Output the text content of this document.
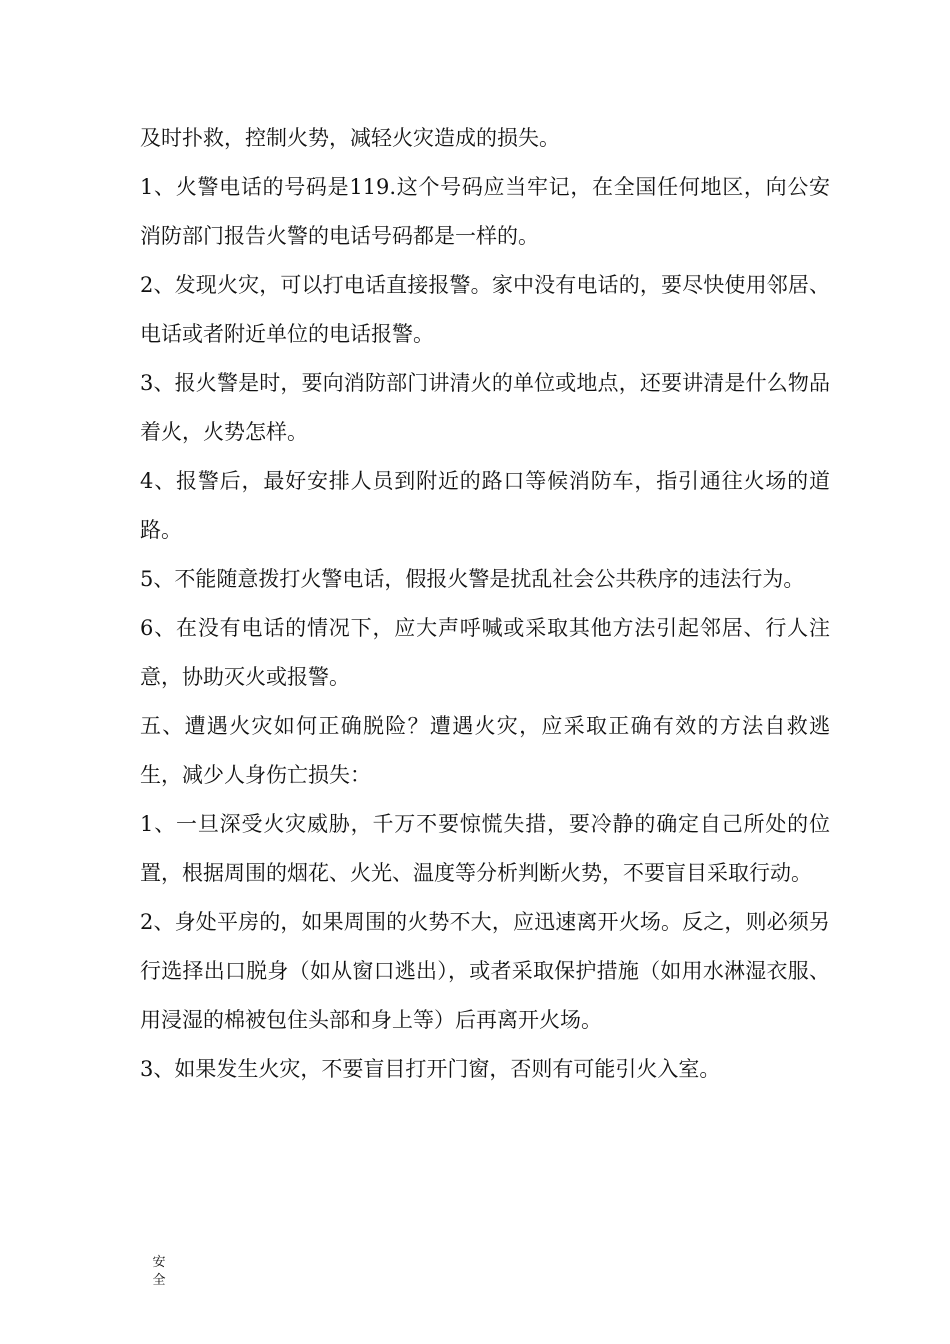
及时扑救，控制火势，减轻火灾造成的损失。

1、火警电话的号码是119.这个号码应当牢记，在全国任何地区，向公安消防部门报告火警的电话号码都是一样的。

2、发现火灾，可以打电话直接报警。家中没有电话的，要尽快使用邻居、电话或者附近单位的电话报警。

3、报火警是时，要向消防部门讲清火的单位或地点，还要讲清是什么物品着火，火势怎样。

4、报警后，最好安排人员到附近的路口等候消防车，指引通往火场的道路。

5、不能随意拨打火警电话，假报火警是扰乱社会公共秩序的违法行为。

6、在没有电话的情况下，应大声呼喊或采取其他方法引起邻居、行人注意，协助灭火或报警。

五、遭遇火灾如何正确脱险？遭遇火灾，应采取正确有效的方法自救逃生，减少人身伤亡损失：

1、一旦深受火灾威胁，千万不要惊慌失措，要冷静的确定自己所处的位置，根据周围的烟花、火光、温度等分析判断火势，不要盲目采取行动。

2、身处平房的，如果周围的火势不大，应迅速离开火场。反之，则必须另行选择出口脱身（如从窗口逃出），或者采取保护措施（如用水淋湿衣服、用浸湿的棉被包住头部和身上等）后再离开火场。

3、如果发生火灾，不要盲目打开门窗，否则有可能引火入室。

安
全
